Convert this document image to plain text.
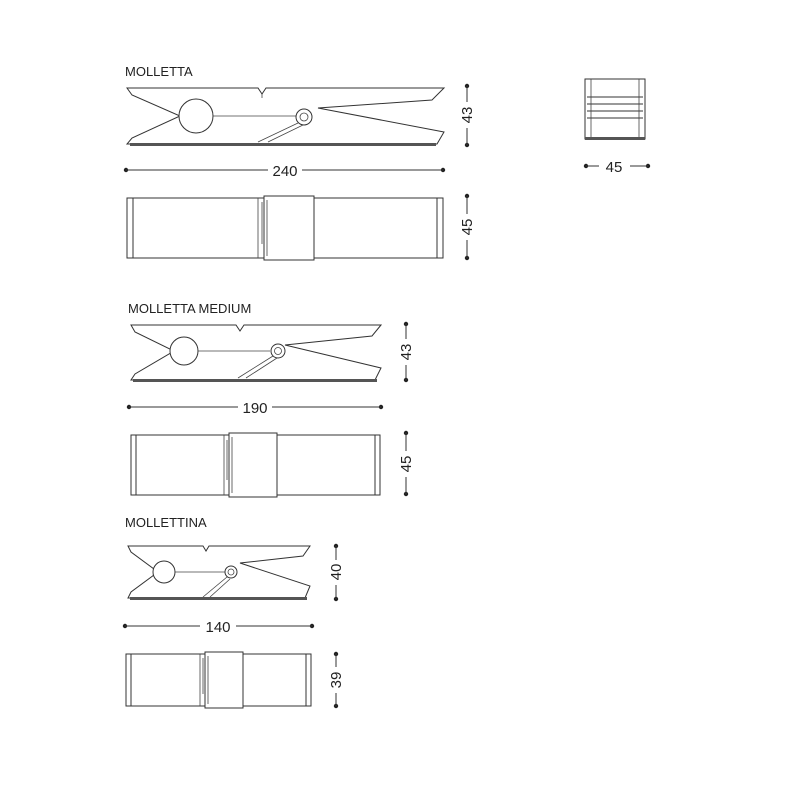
MOLLETTA
240
43
45
45
MOLLETTA MEDIUM
190
43
45
MOLLETTINA
140
40
39
